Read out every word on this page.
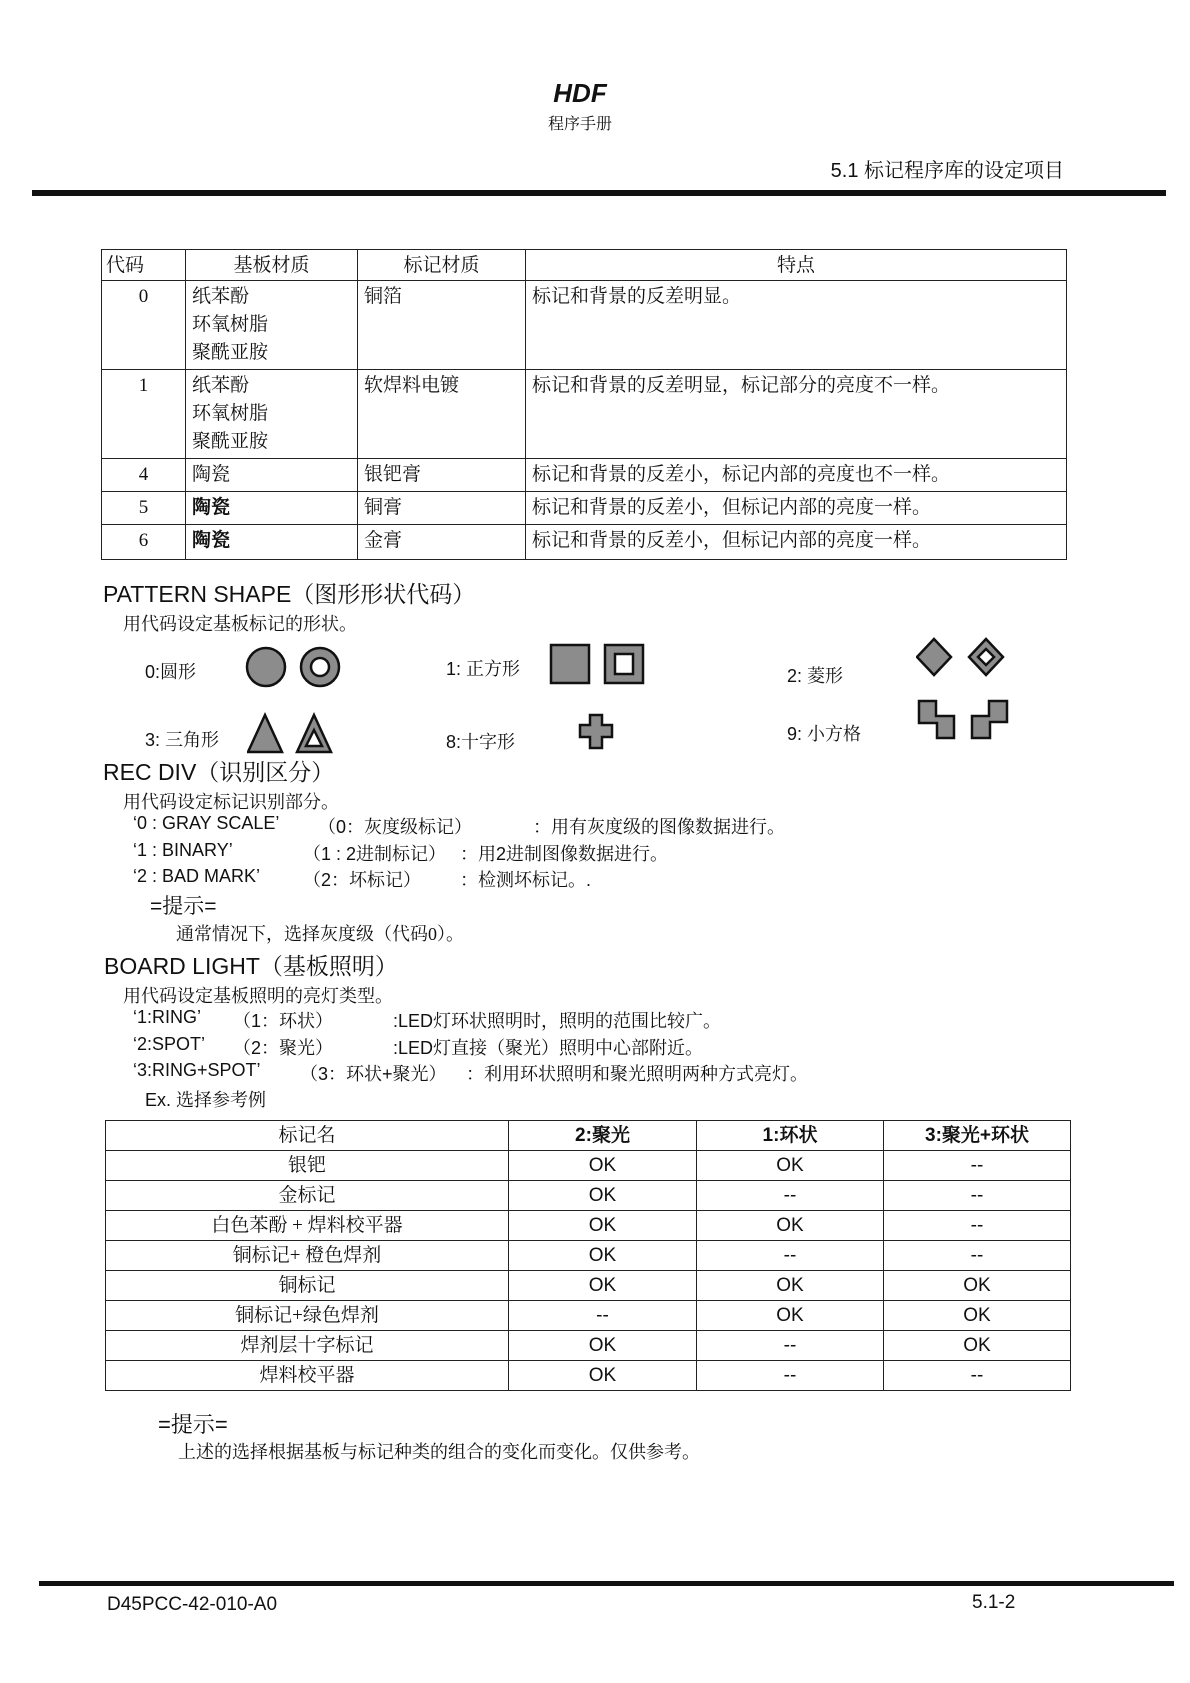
HDF
程序手册
5.1 标记程序库的设定项目
代码	基板材质	标记材质	特点
0	纸苯酚
环氧树脂
聚酰亚胺	铜箔	标记和背景的反差明显。
1	纸苯酚
环氧树脂
聚酰亚胺	软焊料电镀	标记和背景的反差明显，标记部分的亮度不一样。
4	陶瓷	银钯膏	标记和背景的反差小，标记内部的亮度也不一样。
5	陶瓷	铜膏	标记和背景的反差小，但标记内部的亮度一样。
6	陶瓷	金膏	标记和背景的反差小，但标记内部的亮度一样。
PATTERN SHAPE（图形形状代码）
用代码设定基板标记的形状。
0:圆形	1: 正方形	2: 菱形
3: 三角形	8:十字形	9: 小方格
REC DIV（识别区分）
用代码设定标记识别部分。
‘0 : GRAY SCALE’ （0：灰度级标记）	：用有灰度级的图像数据进行。
‘1 : BINARY’	（1 : 2进制标记） ：用2进制图像数据进行。
‘2 : BAD MARK’ （2：坏标记） ：检测坏标记。.
=提示=
通常情况下，选择灰度级（代码0）。
BOARD LIGHT（基板照明）
用代码设定基板照明的亮灯类型。
‘1:RING’ （1：环状）	:LED灯环状照明时，照明的范围比较广。
‘2:SPOT’ （2：聚光）	:LED灯直接（聚光）照明中心部附近。
‘3:RING+SPOT’ （3：环状+聚光） ：利用环状照明和聚光照明两种方式亮灯。
Ex. 选择参考例
标记名	2:聚光	1:环状	3:聚光+环状
银钯	OK	OK	--
金标记	OK	--	--
白色苯酚 + 焊料校平器	OK	OK	--
铜标记+ 橙色焊剂	OK	--	--
铜标记	OK	OK	OK
铜标记+绿色焊剂	--	OK	OK
焊剂层十字标记	OK	--	OK
焊料校平器	OK	--	--
=提示=
上述的选择根据基板与标记种类的组合的变化而变化。仅供参考。
D45PCC-42-010-A0	5.1-2
